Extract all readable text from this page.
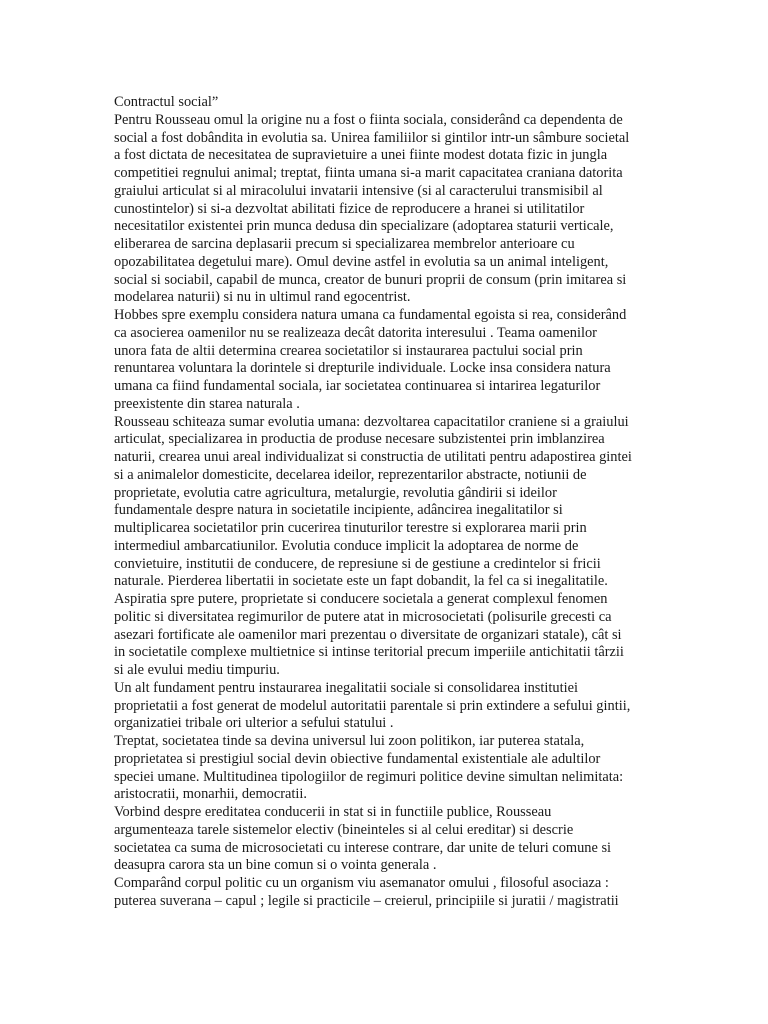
Contractul social”
Pentru Rousseau omul la origine nu a fost o fiinta sociala, considerând ca dependenta de
social a fost dobândita in evolutia sa. Unirea familiilor si gintilor intr-un sâmbure societal
a fost dictata de necesitatea de supravietuire a unei fiinte modest dotata fizic in jungla
competitiei regnului animal; treptat, fiinta umana si-a marit capacitatea craniana datorita
graiului articulat si al miracolului invatarii intensive (si al caracterului transmisibil al
cunostintelor) si si-a dezvoltat abilitati fizice de reproducere a hranei si utilitatilor
necesitatilor existentei prin munca dedusa din specializare (adoptarea staturii verticale,
eliberarea de sarcina deplasarii precum si specializarea membrelor anterioare cu
opozabilitatea degetului mare). Omul devine astfel in evolutia sa un animal inteligent,
social si sociabil, capabil de munca, creator de bunuri proprii de consum (prin imitarea si
modelarea naturii) si nu in ultimul rand egocentrist.
Hobbes spre exemplu considera natura umana ca fundamental egoista si rea, considerând
ca asocierea oamenilor nu se realizeaza decât datorita interesului . Teama oamenilor
unora fata de altii determina crearea societatilor si instaurarea pactului social prin
renuntarea voluntara la dorintele si drepturile individuale. Locke insa considera natura
umana ca fiind fundamental sociala, iar societatea continuarea si intarirea legaturilor
preexistente din starea naturala .
Rousseau schiteaza sumar evolutia umana: dezvoltarea capacitatilor craniene si a graiului
articulat, specializarea in productia de produse necesare subzistentei prin imblanzirea
naturii, crearea unui areal individualizat si constructia de utilitati pentru adapostirea gintei
si a animalelor domesticite, decelarea ideilor, reprezentarilor abstracte, notiunii de
proprietate, evolutia catre agricultura, metalurgie, revolutia gândirii si ideilor
fundamentale despre natura in societatile incipiente, adâncirea inegalitatilor si
multiplicarea societatilor prin cucerirea tinuturilor terestre si explorarea marii prin
intermediul ambarcatiunilor. Evolutia conduce implicit la adoptarea de norme de
convietuire, institutii de conducere, de represiune si de gestiune a credintelor si fricii
naturale. Pierderea libertatii in societate este un fapt dobandit, la fel ca si inegalitatile.
Aspiratia spre putere, proprietate si conducere societala a generat complexul fenomen
politic si diversitatea regimurilor de putere atat in microsocietati (polisurile grecesti ca
asezari fortificate ale oamenilor mari prezentau o diversitate de organizari statale), cât si
in societatile complexe multietnice si intinse teritorial precum imperiile antichitatii târzii
si ale evului mediu timpuriu.
Un alt fundament pentru instaurarea inegalitatii sociale si consolidarea institutiei
proprietatii a fost generat de modelul autoritatii parentale si prin extindere a sefului gintii,
organizatiei tribale ori ulterior a sefului statului .
Treptat, societatea tinde sa devina universul lui zoon politikon, iar puterea statala,
proprietatea si prestigiul social devin obiective fundamental existentiale ale adultilor
speciei umane. Multitudinea tipologiilor de regimuri politice devine simultan nelimitata:
aristocratii, monarhii, democratii.
Vorbind despre ereditatea conducerii in stat si in functiile publice, Rousseau
argumenteaza tarele sistemelor electiv (bineinteles si al celui ereditar) si descrie
societatea ca suma de microsocietati cu interese contrare, dar unite de teluri comune si
deasupra carora sta un bine comun si o vointa generala .
Comparând corpul politic cu un organism viu asemanator omului , filosoful asociaza :
puterea suverana – capul ; legile si practicile – creierul, principiile si juratii / magistratii
